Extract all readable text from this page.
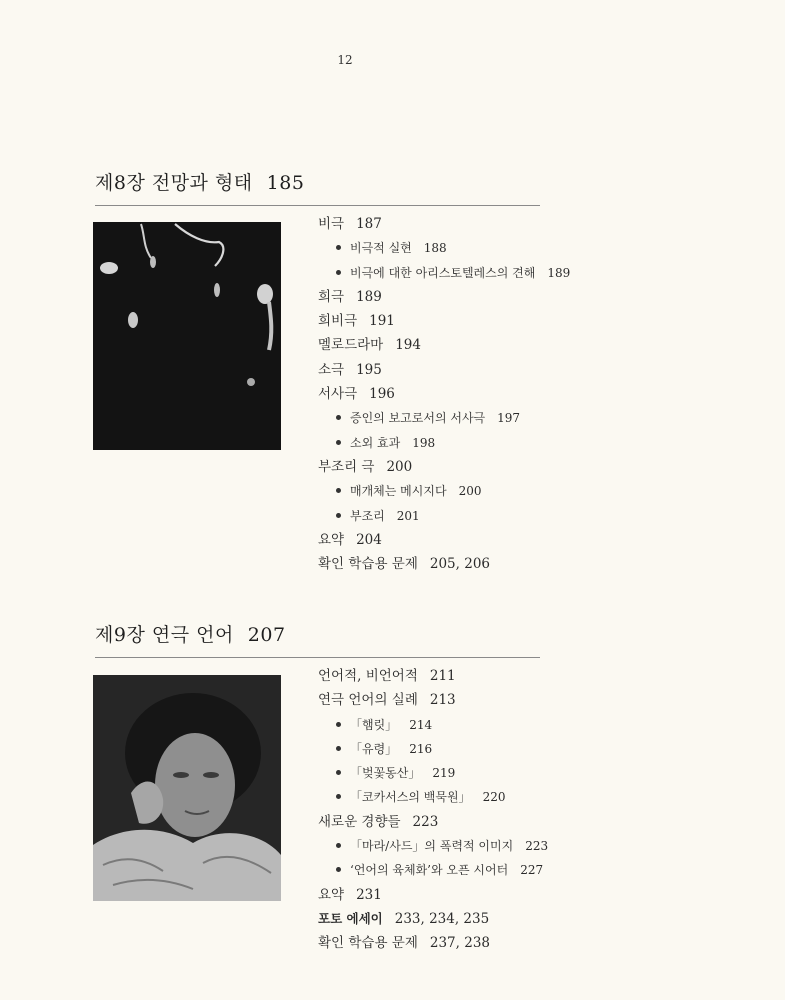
12
제8장 전망과 형태 185
비극 187
비극적 실현 188
비극에 대한 아리스토텔레스의 견해 189
희극 189
희비극 191
멜로드라마 194
소극 195
서사극 196
증인의 보고로서의 서사극 197
소외 효과 198
부조리 극 200
매개체는 메시지다 200
부조리 201
요약 204
확인 학습용 문제 205, 206
제9장 연극 언어 207
언어적, 비언어적 211
연극 언어의 실례 213
「햄릿」 214
「유령」 216
「벚꽃동산」 219
「코카서스의 백묵원」 220
새로운 경향들 223
「마라/사드」의 폭력적 이미지 223
‘언어의 육체화’와 오픈 시어터 227
요약 231
포토 에세이 233, 234, 235
확인 학습용 문제 237, 238
